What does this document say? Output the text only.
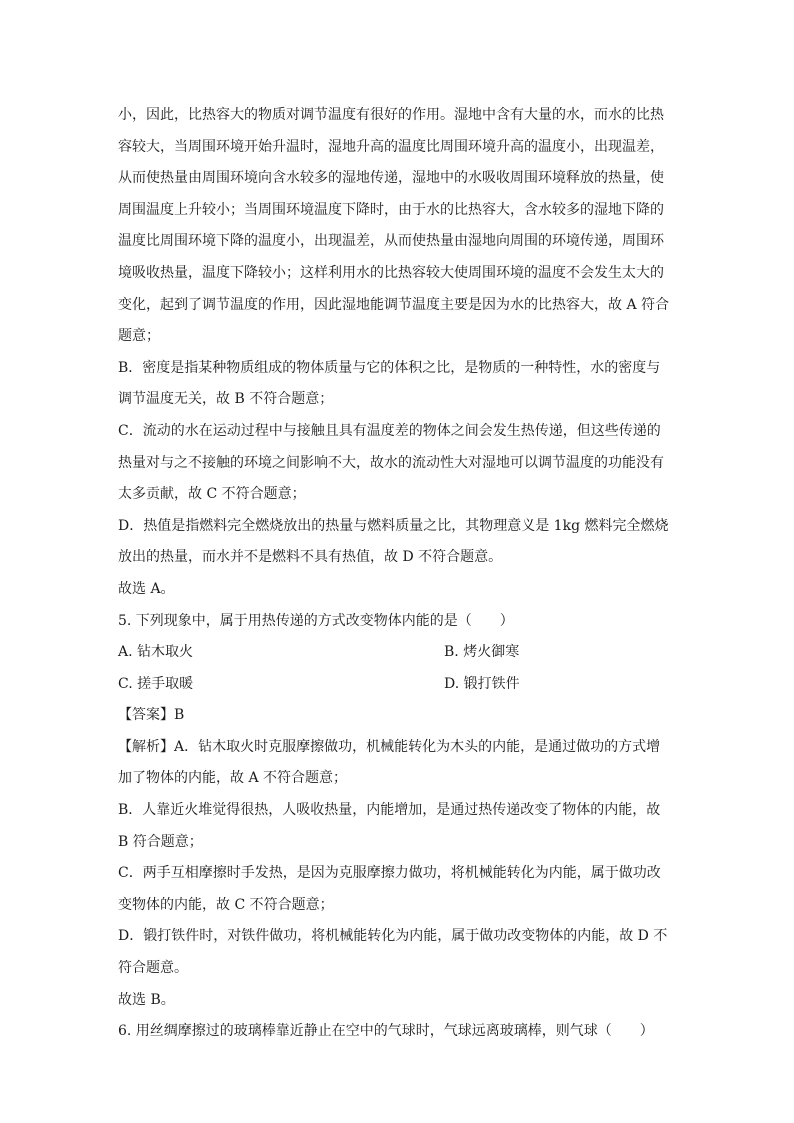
小，因此，比热容大的物质对调节温度有很好的作用。湿地中含有大量的水，而水的比热
容较大，当周围环境开始升温时，湿地升高的温度比周围环境升高的温度小，出现温差，
从而使热量由周围环境向含水较多的湿地传递，湿地中的水吸收周围环境释放的热量，使
周围温度上升较小；当周围环境温度下降时，由于水的比热容大，含水较多的湿地下降的
温度比周围环境下降的温度小，出现温差，从而使热量由湿地向周围的环境传递，周围环
境吸收热量，温度下降较小；这样利用水的比热容较大使周围环境的温度不会发生太大的
变化，起到了调节温度的作用，因此湿地能调节温度主要是因为水的比热容大，故 A 符合
题意；
B．密度是指某种物质组成的物体质量与它的体积之比，是物质的一种特性，水的密度与
调节温度无关，故 B 不符合题意；
C．流动的水在运动过程中与接触且具有温度差的物体之间会发生热传递，但这些传递的
热量对与之不接触的环境之间影响不大，故水的流动性大对湿地可以调节温度的功能没有
太多贡献，故 C 不符合题意；
D．热值是指燃料完全燃烧放出的热量与燃料质量之比，其物理意义是 1kg 燃料完全燃烧
放出的热量，而水并不是燃料不具有热值，故 D 不符合题意。
故选 A。
5. 下列现象中，属于用热传递的方式改变物体内能的是（　　）
A. 钻木取火	B. 烤火御寒
C. 搓手取暖	D. 锻打铁件
【答案】B
【解析】A．钻木取火时克服摩擦做功，机械能转化为木头的内能，是通过做功的方式增
加了物体的内能，故 A 不符合题意；
B．人靠近火堆觉得很热，人吸收热量，内能增加，是通过热传递改变了物体的内能，故
B 符合题意；
C．两手互相摩擦时手发热，是因为克服摩擦力做功，将机械能转化为内能，属于做功改
变物体的内能，故 C 不符合题意；
D．锻打铁件时，对铁件做功，将机械能转化为内能，属于做功改变物体的内能，故 D 不
符合题意。
故选 B。
6. 用丝绸摩擦过的玻璃棒靠近静止在空中的气球时，气球远离玻璃棒，则气球（　　）
